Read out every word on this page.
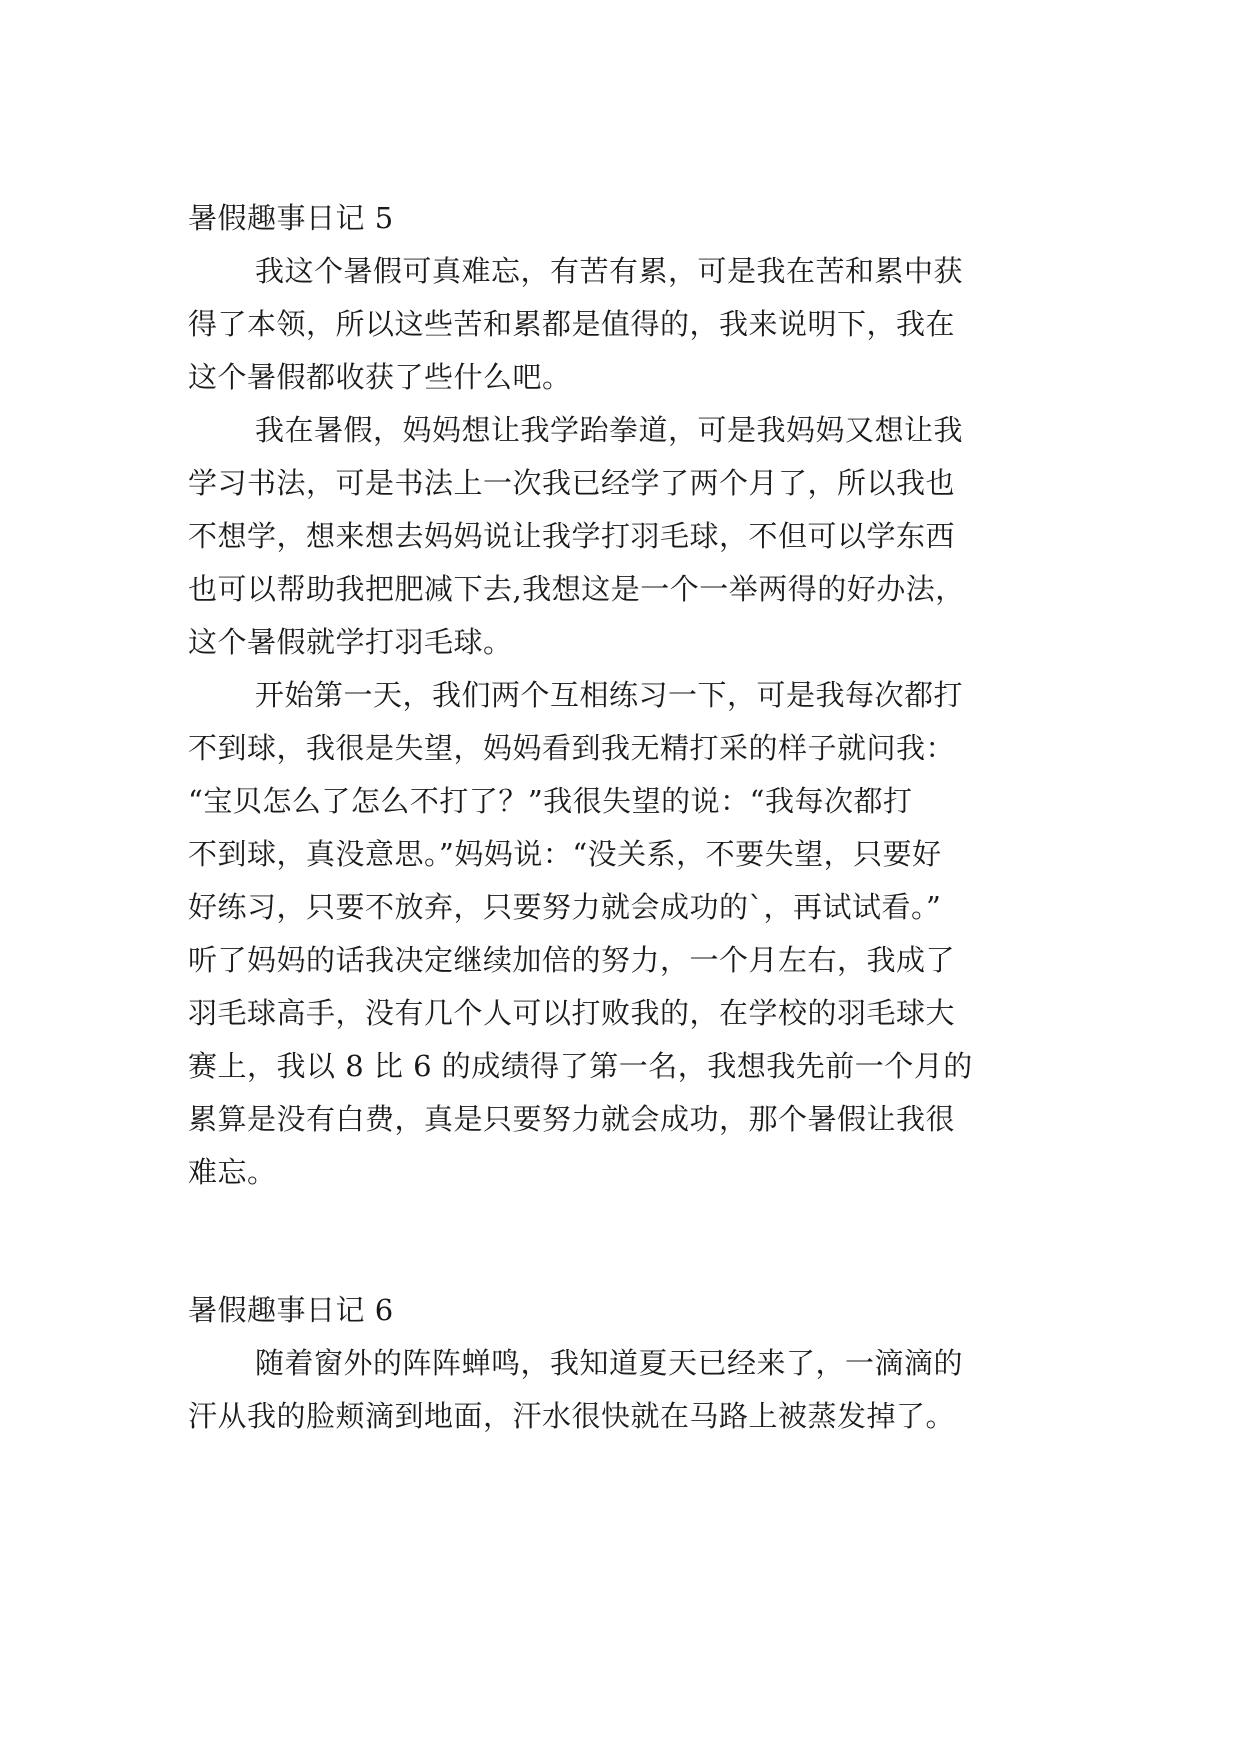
暑假趣事日记 5
我这个暑假可真难忘，有苦有累，可是我在苦和累中获
得了本领，所以这些苦和累都是值得的，我来说明下，我在
这个暑假都收获了些什么吧。
我在暑假，妈妈想让我学跆拳道，可是我妈妈又想让我
学习书法，可是书法上一次我已经学了两个月了，所以我也
不想学，想来想去妈妈说让我学打羽毛球，不但可以学东西
也可以帮助我把肥减下去,我想这是一个一举两得的好办法，
这个暑假就学打羽毛球。
开始第一天，我们两个互相练习一下，可是我每次都打
不到球，我很是失望，妈妈看到我无精打采的样子就问我：
“宝贝怎么了怎么不打了？”我很失望的说：“我每次都打
不到球，真没意思。”妈妈说：“没关系，不要失望，只要好
好练习，只要不放弃，只要努力就会成功的`，再试试看。”
听了妈妈的话我决定继续加倍的努力，一个月左右，我成了
羽毛球高手，没有几个人可以打败我的，在学校的羽毛球大
赛上，我以 8 比 6 的成绩得了第一名，我想我先前一个月的
累算是没有白费，真是只要努力就会成功，那个暑假让我很
难忘。
暑假趣事日记 6
随着窗外的阵阵蝉鸣，我知道夏天已经来了，一滴滴的
汗从我的脸颊滴到地面，汗水很快就在马路上被蒸发掉了。
